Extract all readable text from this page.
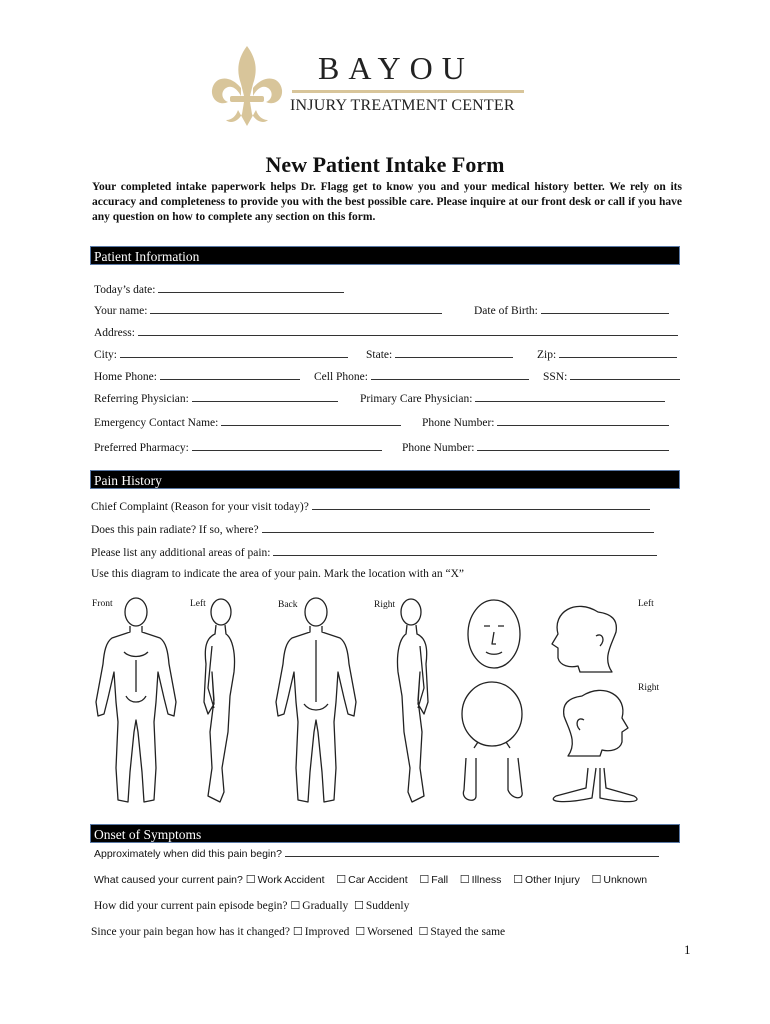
BAYOU
INJURY TREATMENT CENTER
New Patient Intake Form
Your completed intake paperwork helps Dr. Flagg get to know you and your medical history better. We rely on its accuracy and completeness to provide you with the best possible care. Please inquire at our front desk or call if you have any question on how to complete any section on this form.
Patient Information
Today’s date:
Your name:	Date of Birth:
Address:
City:	State:	Zip:
Home Phone:	Cell Phone:	SSN:
Referring Physician:	Primary Care Physician:
Emergency Contact Name:	Phone Number:
Preferred Pharmacy:	Phone Number:
Pain History
Chief Complaint (Reason for your visit today)?
Does this pain radiate? If so, where?
Please list any additional areas of pain:
Use this diagram to indicate the area of your pain. Mark the location with an “X”
Front	Left	Back	Right	Left
Right
Onset of Symptoms
Approximately when did this pain begin?
What caused your current pain? ☐ Work Accident ☐ Car Accident ☐ Fall ☐ Illness ☐ Other Injury ☐ Unknown
How did your current pain episode begin? ☐ Gradually ☐ Suddenly
Since your pain began how has it changed? ☐ Improved ☐ Worsened ☐ Stayed the same
1
